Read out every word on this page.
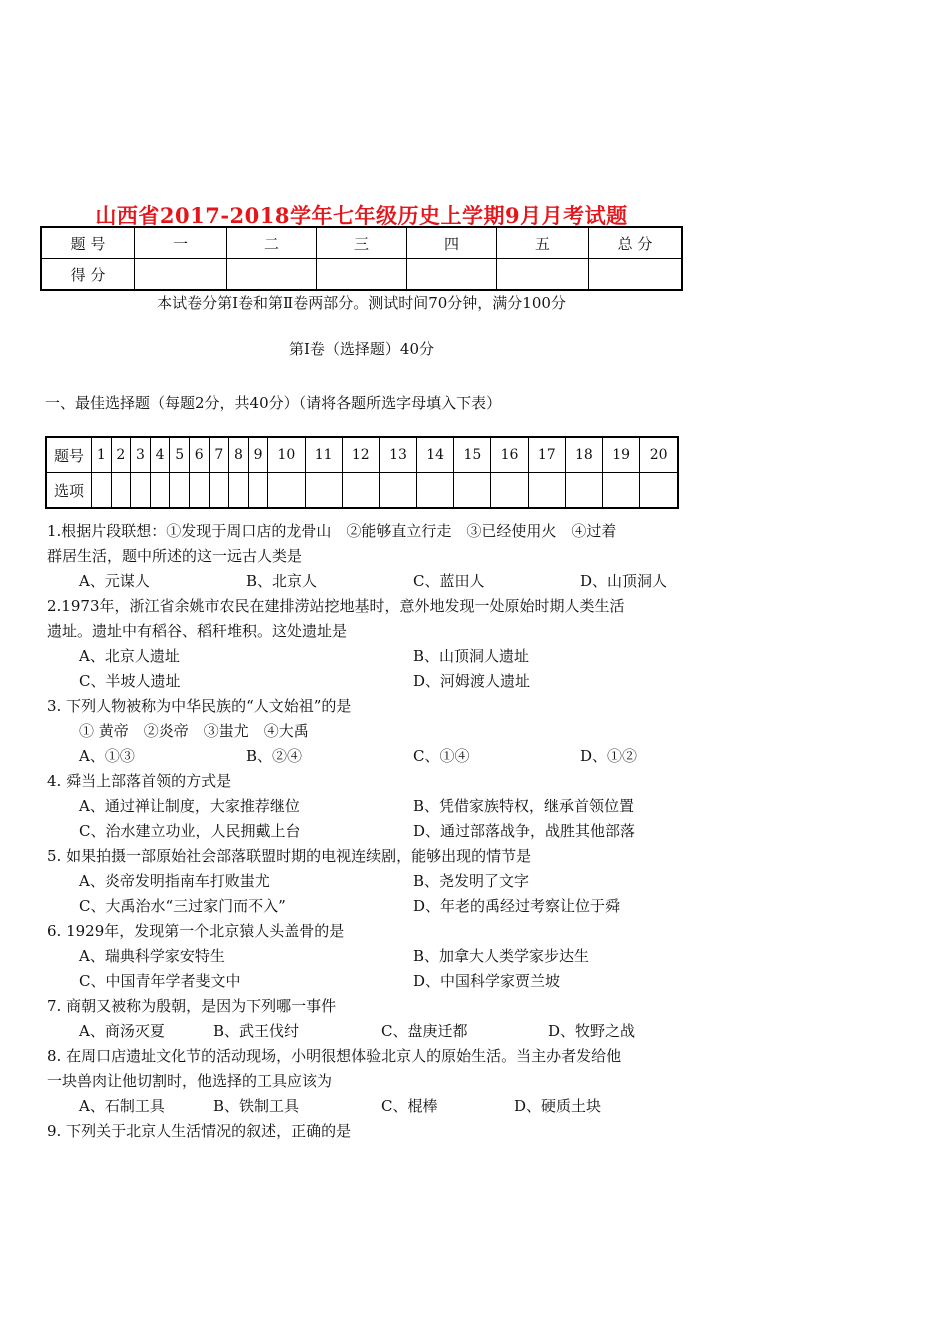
山西省2017-2018学年七年级历史上学期9月月考试题
题 号	一	二	三	四	五	总 分
得 分						
本试卷分第Ⅰ卷和第Ⅱ卷两部分。测试时间70分钟，满分100分
第Ⅰ卷（选择题）40分
一、最佳选择题（每题2分，共40分）（请将各题所选字母填入下表）
题号	1	2	3	4	5	6	7	8	9	10	11	12	13	14	15	16	17	18	19	20
选项																				
1.根据片段联想：①发现于周口店的龙骨山　②能够直立行走　③已经使用火　④过着
群居生活，题中所述的这一远古人类是
A、元谋人	B、北京人	C、蓝田人	D、山顶洞人
2.1973年，浙江省余姚市农民在建排涝站挖地基时，意外地发现一处原始时期人类生活
遗址。遗址中有稻谷、稻秆堆积。这处遗址是
A、北京人遗址	B、山顶洞人遗址
C、半坡人遗址	D、河姆渡人遗址
3. 下列人物被称为中华民族的“人文始祖”的是
① 黄帝　②炎帝　③蚩尤　④大禹
A、①③	B、②④	C、①④	D、①②
4. 舜当上部落首领的方式是
A、通过禅让制度，大家推荐继位	B、凭借家族特权，继承首领位置
C、治水建立功业，人民拥戴上台	D、通过部落战争，战胜其他部落
5. 如果拍摄一部原始社会部落联盟时期的电视连续剧，能够出现的情节是
A、炎帝发明指南车打败蚩尤	B、尧发明了文字
C、大禹治水“三过家门而不入”	D、年老的禹经过考察让位于舜
6. 1929年，发现第一个北京猿人头盖骨的是
A、瑞典科学家安特生	B、加拿大人类学家步达生
C、中国青年学者斐文中	D、中国科学家贾兰坡
7. 商朝又被称为殷朝，是因为下列哪一事件
A、商汤灭夏	B、武王伐纣	C、盘庚迁都	D、牧野之战
8. 在周口店遗址文化节的活动现场，小明很想体验北京人的原始生活。当主办者发给他
一块兽肉让他切割时，他选择的工具应该为
A、石制工具	B、铁制工具	C、棍棒	D、硬质土块
9. 下列关于北京人生活情况的叙述，正确的是
